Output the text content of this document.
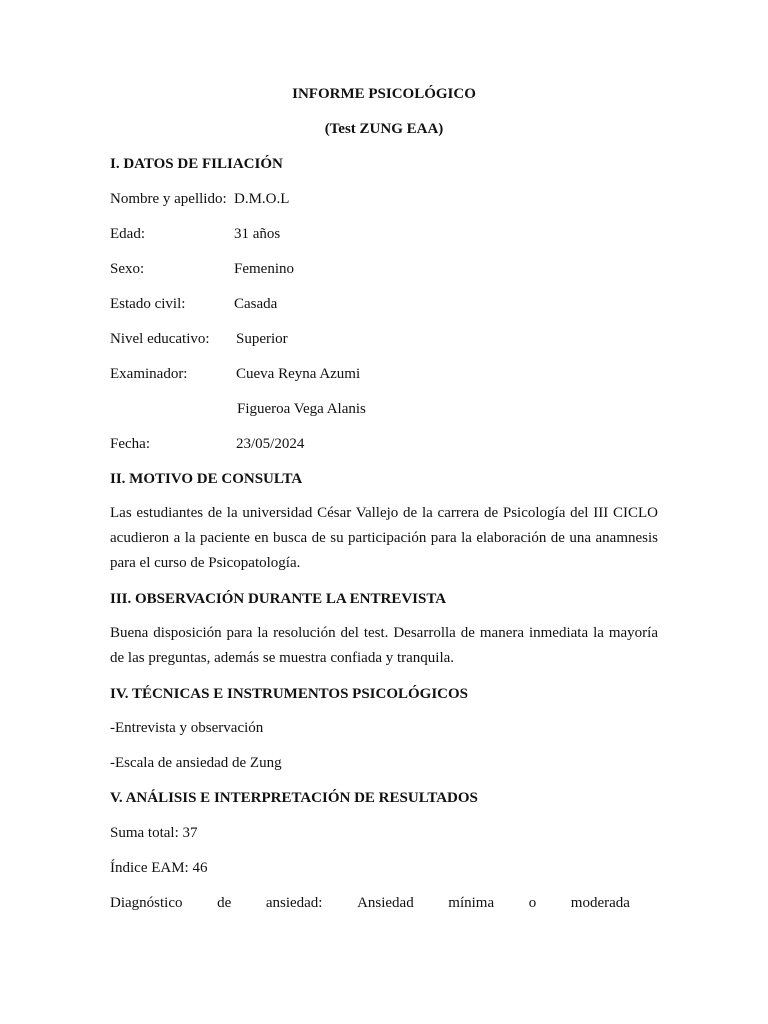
INFORME PSICOLÓGICO
(Test ZUNG EAA)
I. DATOS DE FILIACIÓN
Nombre y apellido: D.M.O.L
Edad:	31 años
Sexo:	Femenino
Estado civil:	Casada
Nivel educativo: Superior
Examinador:	Cueva Reyna Azumi
Figueroa Vega Alanis
Fecha:	23/05/2024
II. MOTIVO DE CONSULTA
Las estudiantes de la universidad César Vallejo de la carrera de Psicología del III CICLO acudieron a la paciente en busca de su participación para la elaboración de una anamnesis para el curso de Psicopatología.
III. OBSERVACIÓN DURANTE LA ENTREVISTA
Buena disposición para la resolución del test. Desarrolla de manera inmediata la mayoría de las preguntas, además se muestra confiada y tranquila.
IV. TÉCNICAS E INSTRUMENTOS PSICOLÓGICOS
-Entrevista y observación
-Escala de ansiedad de Zung
V. ANÁLISIS E INTERPRETACIÓN DE RESULTADOS
Suma total: 37
Índice EAM: 46
Diagnóstico de ansiedad: Ansiedad mínima o moderada
